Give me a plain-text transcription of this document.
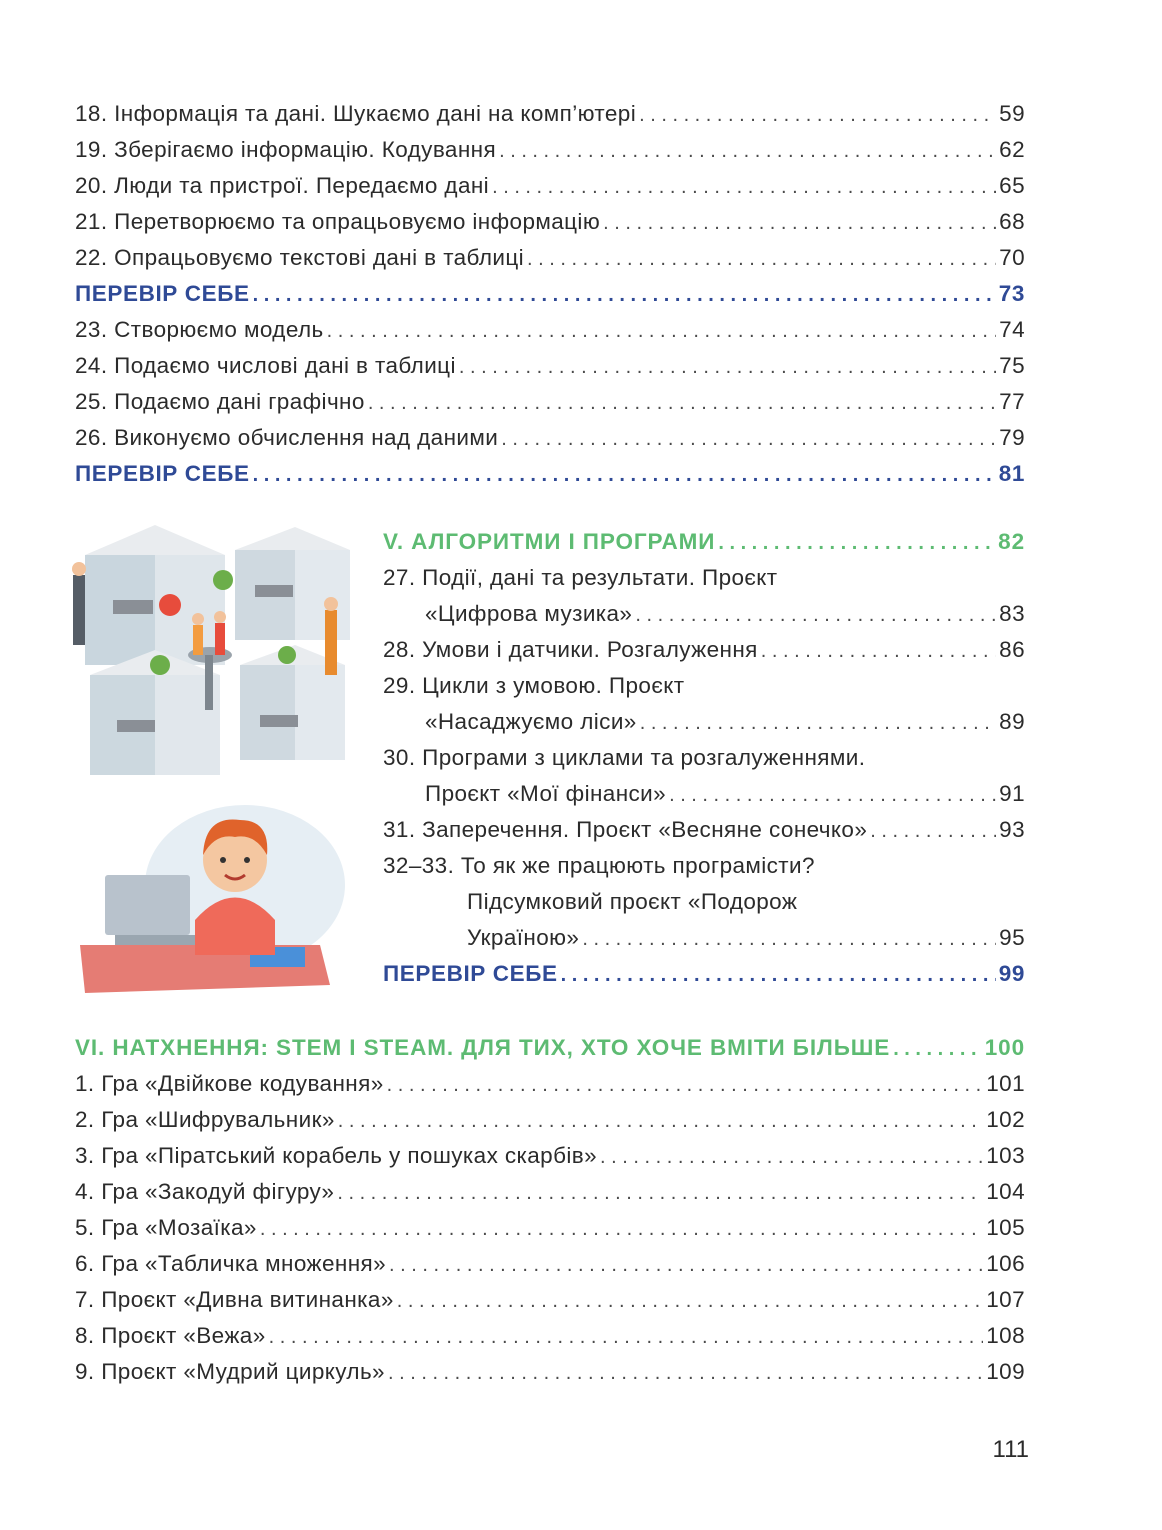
18. Інформація та дані. Шукаємо дані на комп’ютері . . .	59
19. Зберігаємо інформацію. Кодування . . .	62
20. Люди та пристрої. Передаємо дані . . .	65
21. Перетворюємо та опрацьовуємо інформацію . . .	68
22. Опрацьовуємо текстові дані в таблиці . . .	70
ПЕРЕВІР СЕБЕ . . .	73
23. Створюємо модель . . .	74
24. Подаємо числові дані в таблиці . . .	75
25. Подаємо дані графічно . . .	77
26. Виконуємо обчислення над даними . . .	79
ПЕРЕВІР СЕБЕ . . .	81
V. АЛГОРИТМИ І ПРОГРАМИ . . .	82
27. Події, дані та результати. Проєкт
«Цифрова музика» . . .	83
28. Умови і датчики. Розгалуження . . .	86
29. Цикли з умовою. Проєкт
«Насаджуємо ліси» . . .	89
30. Програми з циклами та розгалуженнями.
Проєкт «Мої фінанси» . . .	91
31. Заперечення. Проєкт «Весняне сонечко» . . .	93
32–33. То як же працюють програмісти?
Підсумковий проєкт «Подорож
Україною» . . .	95
ПЕРЕВІР СЕБЕ . . .	99
VI. НАТХНЕННЯ: STEM І STEAM. ДЛЯ ТИХ, ХТО ХОЧЕ ВМІТИ БІЛЬШЕ . . .	100
1. Гра «Двійкове кодування» . . .	101
2. Гра «Шифрувальник» . . .	102
3. Гра «Піратський корабель у пошуках скарбів» . . .	103
4. Гра «Закодуй фігуру» . . .	104
5. Гра «Мозаїка» . . .	105
6. Гра «Табличка множення» . . .	106
7. Проєкт «Дивна витинанка» . . .	107
8. Проєкт «Вежа» . . .	108
9. Проєкт «Мудрий циркуль» . . .	109
111
